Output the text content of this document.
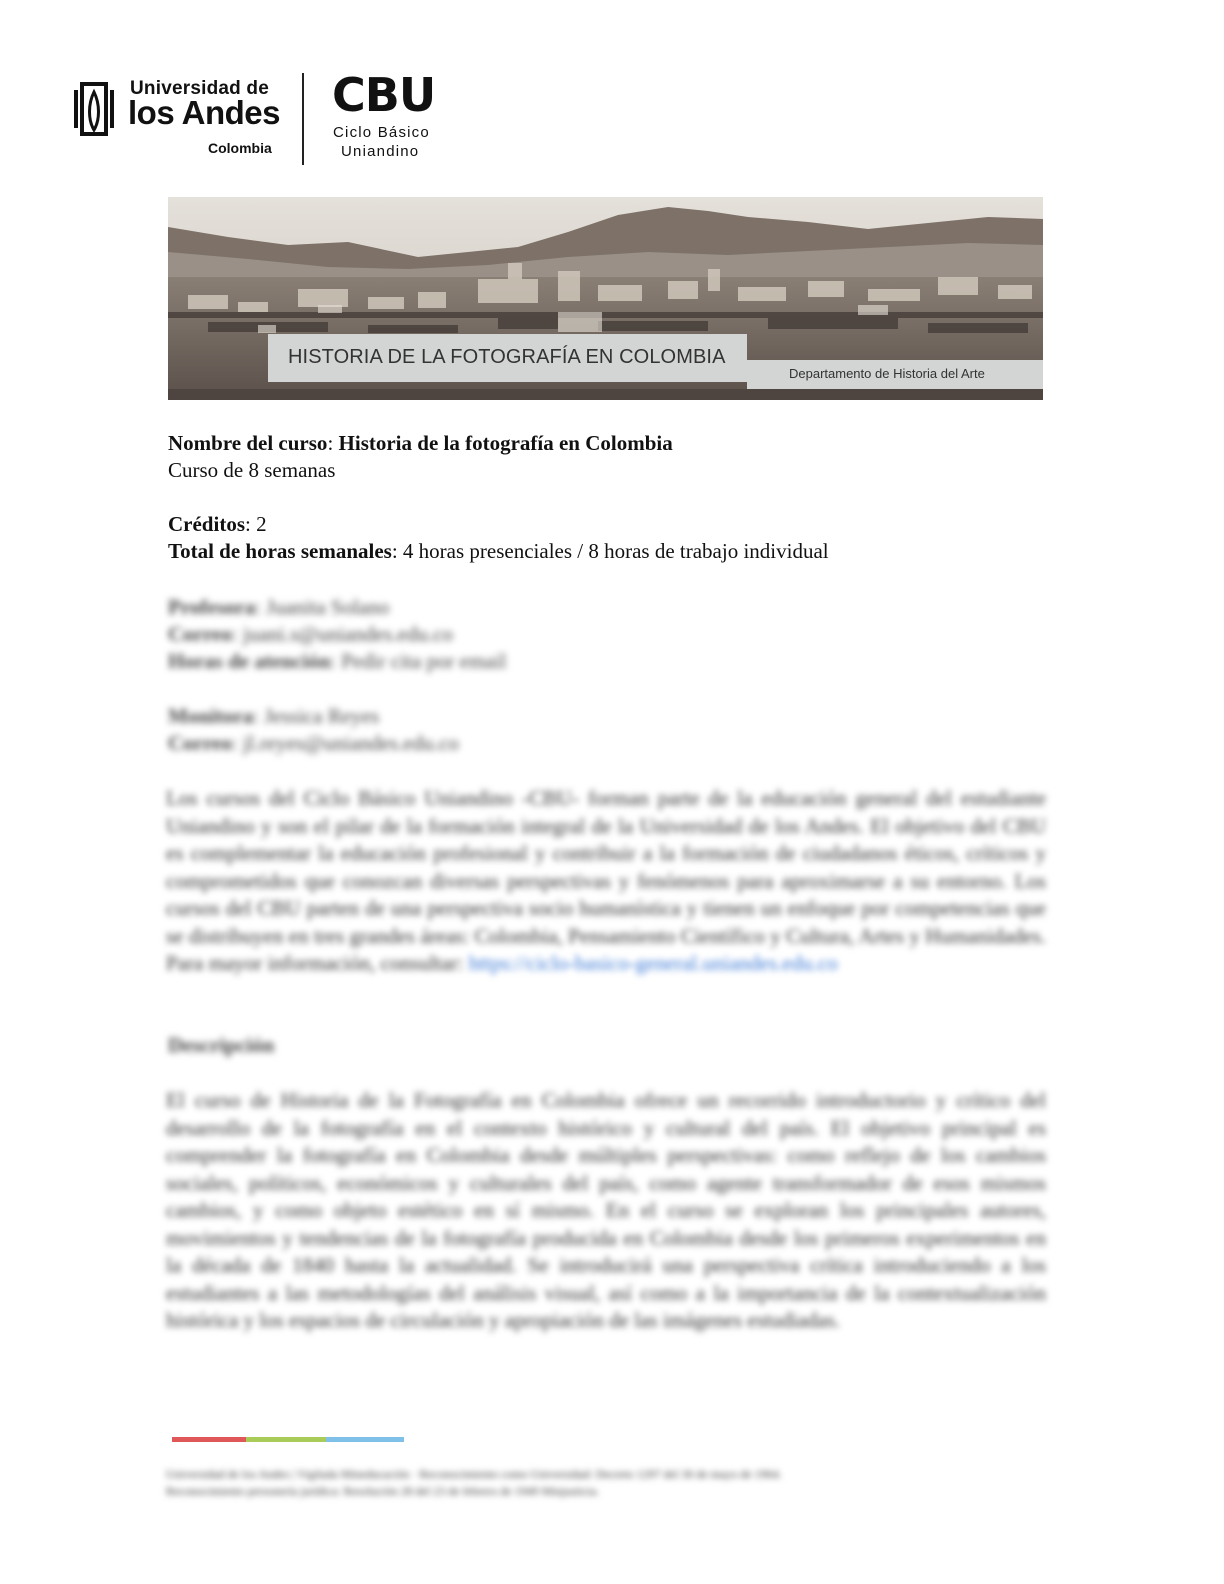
Universidad de
los Andes
Colombia
CBU
Ciclo Básico
Uniandino
HISTORIA DE LA FOTOGRAFÍA EN COLOMBIA
Departamento de Historia del Arte
Nombre del curso: Historia de la fotografía en Colombia
Curso de 8 semanas
Créditos: 2
Total de horas semanales: 4 horas presenciales / 8 horas de trabajo individual
Profesora: Juanita Solano
Correo: juani.s@uniandes.edu.co
Horas de atención: Pedir cita por email
Monitora: Jessica Reyes
Correo: jl.reyes@uniandes.edu.co
Los cursos del Ciclo Básico Uniandino -CBU- forman parte de la educación general del estudiante Uniandino y son el pilar de la formación integral de la Universidad de los Andes. El objetivo del CBU es complementar la educación profesional y contribuir a la formación de ciudadanos éticos, críticos y comprometidos que conozcan diversas perspectivas y fenómenos para aproximarse a su entorno. Los cursos del CBU parten de una perspectiva socio humanística y tienen un enfoque por competencias que se distribuyen en tres grandes áreas: Colombia, Pensamiento Científico y Cultura, Artes y Humanidades. Para mayor información, consultar: https://ciclo-basico-general.uniandes.edu.co
Descripción
El curso de Historia de la Fotografía en Colombia ofrece un recorrido introductorio y crítico del desarrollo de la fotografía en el contexto histórico y cultural del país. El objetivo principal es comprender la fotografía en Colombia desde múltiples perspectivas: como reflejo de los cambios sociales, políticos, económicos y culturales del país, como agente transformador de esos mismos cambios, y como objeto estético en sí mismo. En el curso se exploran los principales autores, movimientos y tendencias de la fotografía producida en Colombia desde los primeros experimentos en la década de 1840 hasta la actualidad. Se introducirá una perspectiva crítica introduciendo a los estudiantes a las metodologías del análisis visual, así como a la importancia de la contextualización histórica y los espacios de circulación y apropiación de las imágenes estudiadas.
Universidad de los Andes | Vigilada Mineducación · Reconocimiento como Universidad: Decreto 1297 del 30 de mayo de 1964.
Reconocimiento personería jurídica: Resolución 28 del 23 de febrero de 1949 Minjusticia.
